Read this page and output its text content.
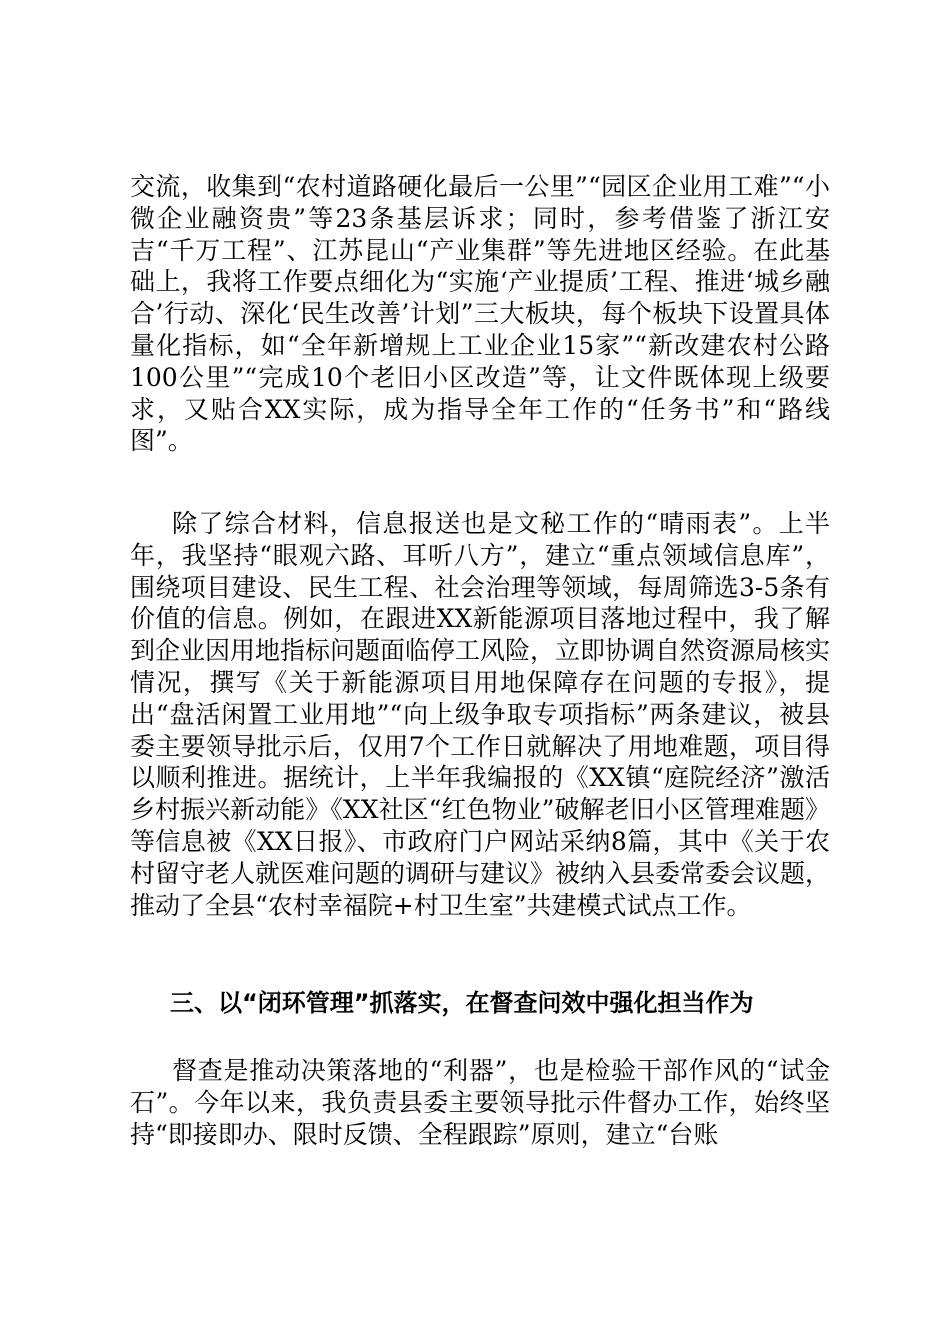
交流，收集到“农村道路硬化最后一公里”“园区企业用工难”“小微企业融资贵”等23条基层诉求；同时，参考借鉴了浙江安吉“千万工程”、江苏昆山“产业集群”等先进地区经验。在此基础上，我将工作要点细化为“实施‘产业提质’工程、推进‘城乡融合’行动、深化‘民生改善’计划”三大板块，每个板块下设置具体量化指标，如“全年新增规上工业企业15家”“新改建农村公路100公里”“完成10个老旧小区改造”等，让文件既体现上级要求，又贴合XX实际，成为指导全年工作的“任务书”和“路线图”。

除了综合材料，信息报送也是文秘工作的“晴雨表”。上半年，我坚持“眼观六路、耳听八方”，建立“重点领域信息库”，围绕项目建设、民生工程、社会治理等领域，每周筛选3-5条有价值的信息。例如，在跟进XX新能源项目落地过程中，我了解到企业因用地指标问题面临停工风险，立即协调自然资源局核实情况，撰写《关于新能源项目用地保障存在问题的专报》，提出“盘活闲置工业用地”“向上级争取专项指标”两条建议，被县委主要领导批示后，仅用7个工作日就解决了用地难题，项目得以顺利推进。据统计，上半年我编报的《XX镇“庭院经济”激活乡村振兴新动能》《XX社区“红色物业”破解老旧小区管理难题》等信息被《XX日报》、市政府门户网站采纳8篇，其中《关于农村留守老人就医难问题的调研与建议》被纳入县委常委会议题，推动了全县“农村幸福院+村卫生室”共建模式试点工作。

三、以“闭环管理”抓落实，在督查问效中强化担当作为

督查是推动决策落地的“利器”，也是检验干部作风的“试金石”。今年以来，我负责县委主要领导批示件督办工作，始终坚持“即接即办、限时反馈、全程跟踪”原则，建立“台账
